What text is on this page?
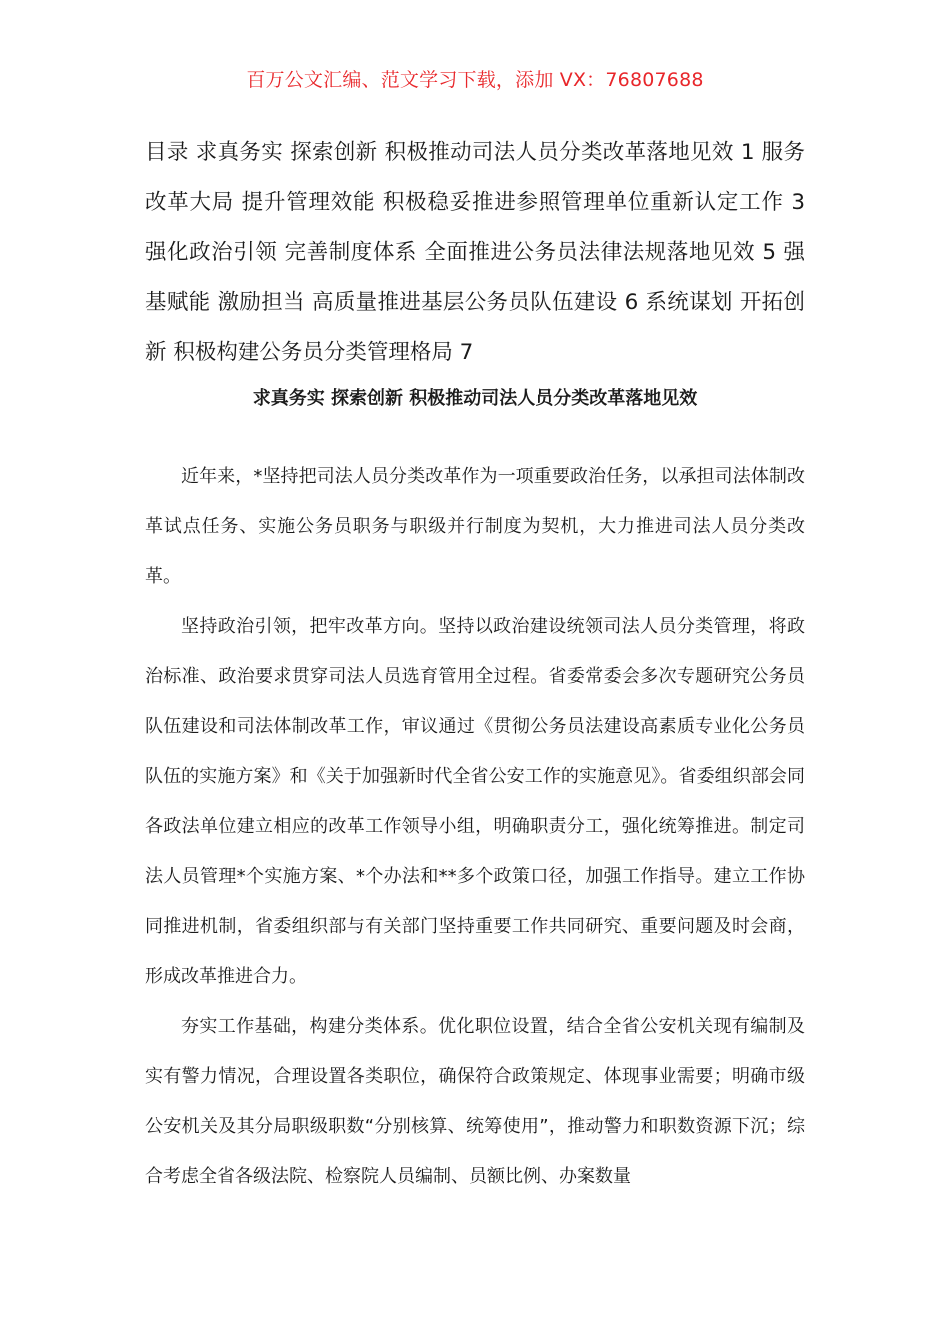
百万公文汇编、范文学习下载，添加 VX：76807688
目录 求真务实 探索创新 积极推动司法人员分类改革落地见效 1 服务改革大局 提升管理效能 积极稳妥推进参照管理单位重新认定工作 3 强化政治引领 完善制度体系 全面推进公务员法律法规落地见效 5 强基赋能 激励担当 高质量推进基层公务员队伍建设 6 系统谋划 开拓创新 积极构建公务员分类管理格局 7
求真务实 探索创新 积极推动司法人员分类改革落地见效

近年来，*坚持把司法人员分类改革作为一项重要政治任务，以承担司法体制改革试点任务、实施公务员职务与职级并行制度为契机，大力推进司法人员分类改革。

坚持政治引领，把牢改革方向。坚持以政治建设统领司法人员分类管理，将政治标准、政治要求贯穿司法人员选育管用全过程。省委常委会多次专题研究公务员队伍建设和司法体制改革工作，审议通过《贯彻公务员法建设高素质专业化公务员队伍的实施方案》和《关于加强新时代全省公安工作的实施意见》。省委组织部会同各政法单位建立相应的改革工作领导小组，明确职责分工，强化统筹推进。制定司法人员管理*个实施方案、*个办法和**多个政策口径，加强工作指导。建立工作协同推进机制，省委组织部与有关部门坚持重要工作共同研究、重要问题及时会商，形成改革推进合力。

夯实工作基础，构建分类体系。优化职位设置，结合全省公安机关现有编制及实有警力情况，合理设置各类职位，确保符合政策规定、体现事业需要；明确市级公安机关及其分局职级职数“分别核算、统筹使用”，推动警力和职数资源下沉；综合考虑全省各级法院、检察院人员编制、员额比例、办案数量
